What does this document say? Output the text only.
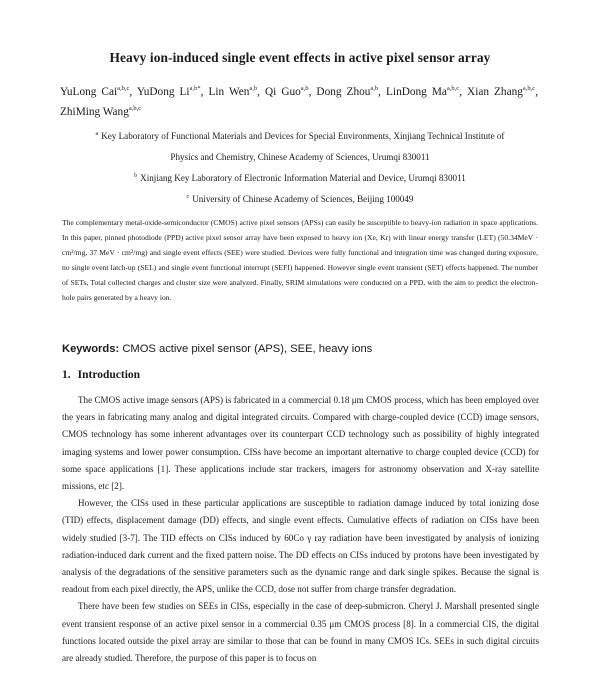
Heavy ion-induced single event effects in active pixel sensor array
YuLong Cai$^{a,b,c}$, YuDong $Li^{a,b*}$, Lin Wen$^{a,b}$, Qi Guo$^{a,b}$, Dong Zhou$^{a,b}$, LinDong Ma$^{a,b,c}$, Xian Zhang$^{a,b,c}$, ZhiMing Wang$^{a,b,c}$
$^a$ Key Laboratory of Functional Materials and Devices for Special Environments, Xinjiang Technical Institute of
Physics and Chemistry, Chinese Academy of Sciences, Urumqi 830011
$^b$ Xinjiang Key Laboratory of Electronic Information Material and Device, Urumqi 830011
$^c$ University of Chinese Academy of Sciences, Beijing 100049
The complementary metal-oxide-semiconductor (CMOS) active pixel sensors (APSs) can easily be susceptible to heavy-ion radiation in space applications. In this paper, pinned photodiode (PPD) active pixel sensor array have been exposed to heavy ion (Xe, Kr) with linear energy transfer (LET) (50.34MeV · cm²/mg, 37 MeV · cm²/mg) and single event effects (SEE) were studied. Devices were fully functional and integration time was changed during exposure, no single event latch-up (SEL) and single event functional interrupt (SEFI) happened. However single event transient (SET) effects happened. The number of SETs, Total collected charges and cluster size were analyzed. Finally, SRIM simulations were conducted on a PPD, with the aim to predict the electron-hole pairs generated by a heavy ion.
Keywords: CMOS active pixel sensor (APS), SEE, heavy ions
1. Introduction

The CMOS active image sensors (APS) is fabricated in a commercial 0.18 μm CMOS process, which has been employed over the years in fabricating many analog and digital integrated circuits. Compared with charge-coupled device (CCD) image sensors, CMOS technology has some inherent advantages over its counterpart CCD technology such as possibility of highly integrated imaging systems and lower power consumption. CISs have become an important alternative to charge coupled device (CCD) for some space applications [1]. These applications include star trackers, imagers for astronomy observation and X-ray satellite missions, etc [2].

However, the CISs used in these particular applications are susceptible to radiation damage induced by total ionizing dose (TID) effects, displacement damage (DD) effects, and single event effects. Cumulative effects of radiation on CISs have been widely studied [3-7]. The TID effects on CISs induced by 60Co γ ray radiation have been investigated by analysis of ionizing radiation-induced dark current and the fixed pattern noise. The DD effects on CISs induced by protons have been investigated by analysis of the degradations of the sensitive parameters such as the dynamic range and dark single spikes. Because the signal is readout from each pixel directly, the APS, unlike the CCD, dose not suffer from charge transfer degradation.

There have been few studies on SEEs in CISs, especially in the case of deep-submicron. Cheryl J. Marshall presented single event transient response of an active pixel sensor in a commercial 0.35 μm CMOS process [8]. In a commercial CIS, the digital functions located outside the pixel array are similar to those that can be found in many CMOS ICs. SEEs in such digital circuits are already studied. Therefore, the purpose of this paper is to focus on
